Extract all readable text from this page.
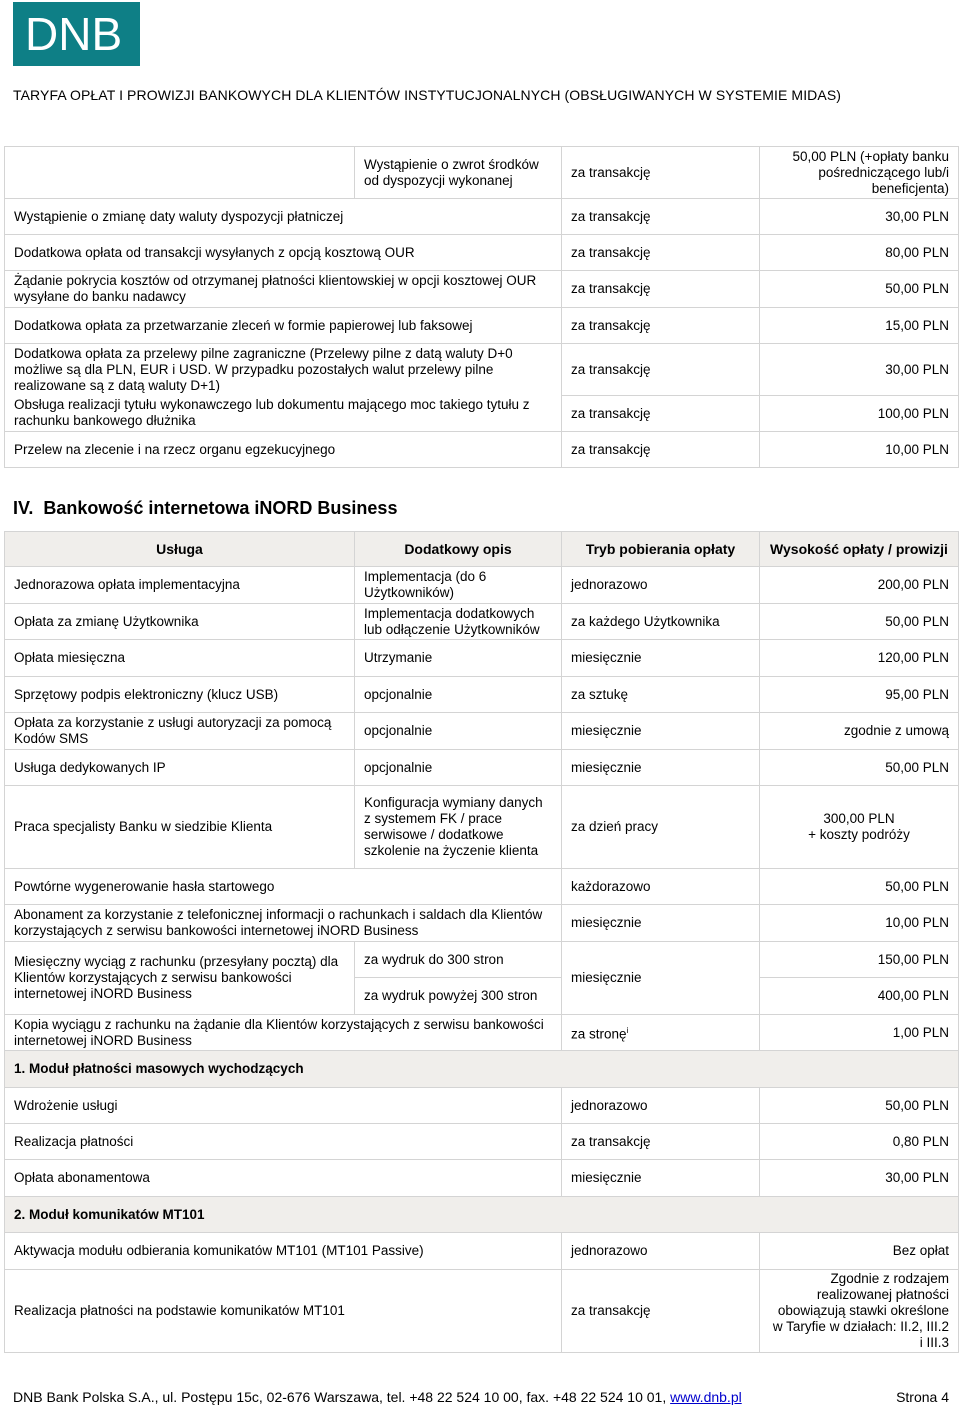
DNB
TARYFA OPŁAT I PROWIZJI BANKOWYCH DLA KLIENTÓW INSTYTUCJONALNYCH (OBSŁUGIWANYCH W SYSTEMIE MIDAS)
	Wystąpienie o zwrot środków od dyspozycji wykonanej	za transakcję	50,00 PLN (+opłaty banku pośredniczącego lub/i beneficjenta)
Wystąpienie o zmianę daty waluty dyspozycji płatniczej		za transakcję	30,00 PLN
Dodatkowa opłata od transakcji wysyłanych z opcją kosztową OUR		za transakcję	80,00 PLN
Żądanie pokrycia kosztów od otrzymanej płatności klientowskiej w opcji kosztowej OUR wysyłane do banku nadawcy		za transakcję	50,00 PLN
Dodatkowa opłata za przetwarzanie zleceń w formie papierowej lub faksowej		za transakcję	15,00 PLN
Dodatkowa opłata za przelewy pilne zagraniczne (Przelewy pilne z datą waluty D+0 możliwe są dla PLN, EUR i USD. W przypadku pozostałych walut przelewy pilne realizowane są z datą waluty D+1)		za transakcję	30,00 PLN
Obsługa realizacji tytułu wykonawczego lub dokumentu mającego moc takiego tytułu z rachunku bankowego dłużnika		za transakcję	100,00 PLN
Przelew na zlecenie i na rzecz organu egzekucyjnego		za transakcję	10,00 PLN
IV. Bankowość internetowa iNORD Business
Usługa	Dodatkowy opis	Tryb pobierania opłaty	Wysokość opłaty / prowizji
Jednorazowa opłata implementacyjna	Implementacja (do 6 Użytkowników)	jednorazowo	200,00 PLN
Opłata za zmianę Użytkownika	Implementacja dodatkowych lub odłączenie Użytkowników	za każdego Użytkownika	50,00 PLN
Opłata miesięczna	Utrzymanie	miesięcznie	120,00 PLN
Sprzętowy podpis elektroniczny (klucz USB)	opcjonalnie	za sztukę	95,00 PLN
Opłata za korzystanie z usługi autoryzacji za pomocą Kodów SMS	opcjonalnie	miesięcznie	zgodnie z umową
Usługa dedykowanych IP	opcjonalnie	miesięcznie	50,00 PLN
Praca specjalisty Banku w siedzibie Klienta	Konfiguracja wymiany danych z systemem FK / prace serwisowe / dodatkowe szkolenie na życzenie klienta	za dzień pracy	300,00 PLN
+ koszty podróży

Powtórne wygenerowanie hasła startowego		każdorazowo	50,00 PLN
Abonament za korzystanie z telefonicznej informacji o rachunkach i saldach dla Klientów korzystających z serwisu bankowości internetowej iNORD Business		miesięcznie	10,00 PLN
Miesięczny wyciąg z rachunku (przesyłany pocztą) dla Klientów korzystających z serwisu bankowości internetowej iNORD Business	za wydruk do 300 stron	miesięcznie	150,00 PLN
	za wydruk powyżej 300 stron		400,00 PLN
Kopia wyciągu z rachunku na żądanie dla Klientów korzystających z serwisu bankowości internetowej iNORD Business		za stronę$^i$	1,00 PLN
1. Moduł płatności masowych wychodzących			
Wdrożenie usługi		jednorazowo	50,00 PLN
Realizacja płatności		za transakcję	0,80 PLN
Opłata abonamentowa		miesięcznie	30,00 PLN
2. Moduł komunikatów MT101			
Aktywacja modułu odbierania komunikatów MT101 (MT101 Passive)		jednorazowo	Bez opłat
Realizacja płatności na podstawie komunikatów MT101		za transakcję	Zgodnie z rodzajem realizowanej płatności obowiązują stawki określone w Taryfie w działach: II.2, III.2 i III.3
DNB Bank Polska S.A., ul. Postępu 15c, 02-676 Warszawa, tel. +48 22 524 10 00, fax. +48 22 524 10 01, www.dnb.pl	Strona 4
